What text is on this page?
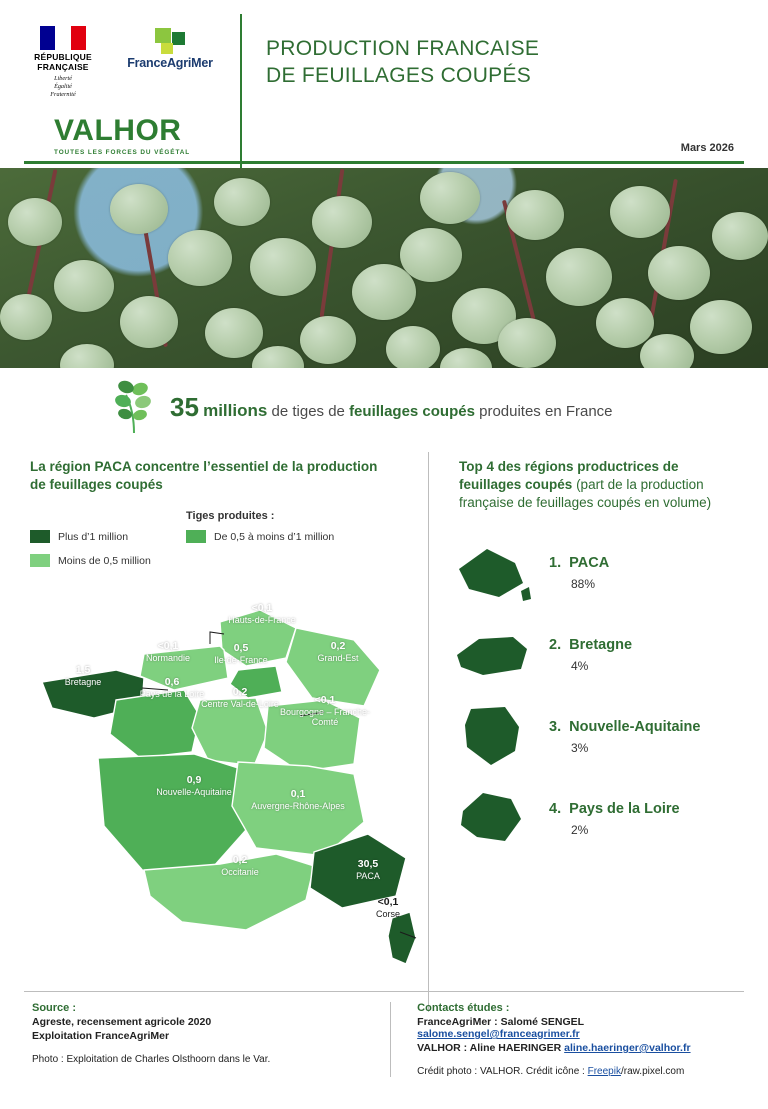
RÉPUBLIQUE
FRANÇAISE
Liberté
Égalité
Fraternité
FranceAgriMer
VALHOR
TOUTES LES FORCES DU VÉGÉTAL
PRODUCTION FRANCAISE
DE FEUILLAGES COUPÉS
Mars 2026
35 millions de tiges de feuillages coupés produites en France
La région PACA concentre l’essentiel de la production
de feuillages coupés
Tiges produites :
Plus d’1 million	De 0,5 à moins d’1 million
Moins de 0,5 million
<0,1
Hauts-de-France
<0,1
Normandie
1,5
Bretagne
0,5
Ile-de-France
0,2
Grand-Est
0,6
Pays de la Loire	0,2
Centre Val-de-Loire	<0,1
Bourgogne – Franche-Comté
0,9
Nouvelle-Aquitaine	0,1
Auvergne-Rhône-Alpes
0,2
Occitanie
30,5
PACA
<0,1
Corse
Top 4 des régions productrices de
feuillages coupés (part de la production
française de feuillages coupés en volume)
1. PACA
88%
2. Bretagne
4%
3. Nouvelle-Aquitaine
3%
4. Pays de la Loire
2%
Source :
Agreste, recensement agricole 2020
Exploitation FranceAgriMer
Photo : Exploitation de Charles Olsthoorn dans le Var.
Contacts études :
FranceAgriMer : Salomé SENGEL salome.sengel@franceagrimer.fr
VALHOR : Aline HAERINGER aline.haeringer@valhor.fr
Crédit photo : VALHOR. Crédit icône : Freepik/raw.pixel.com
